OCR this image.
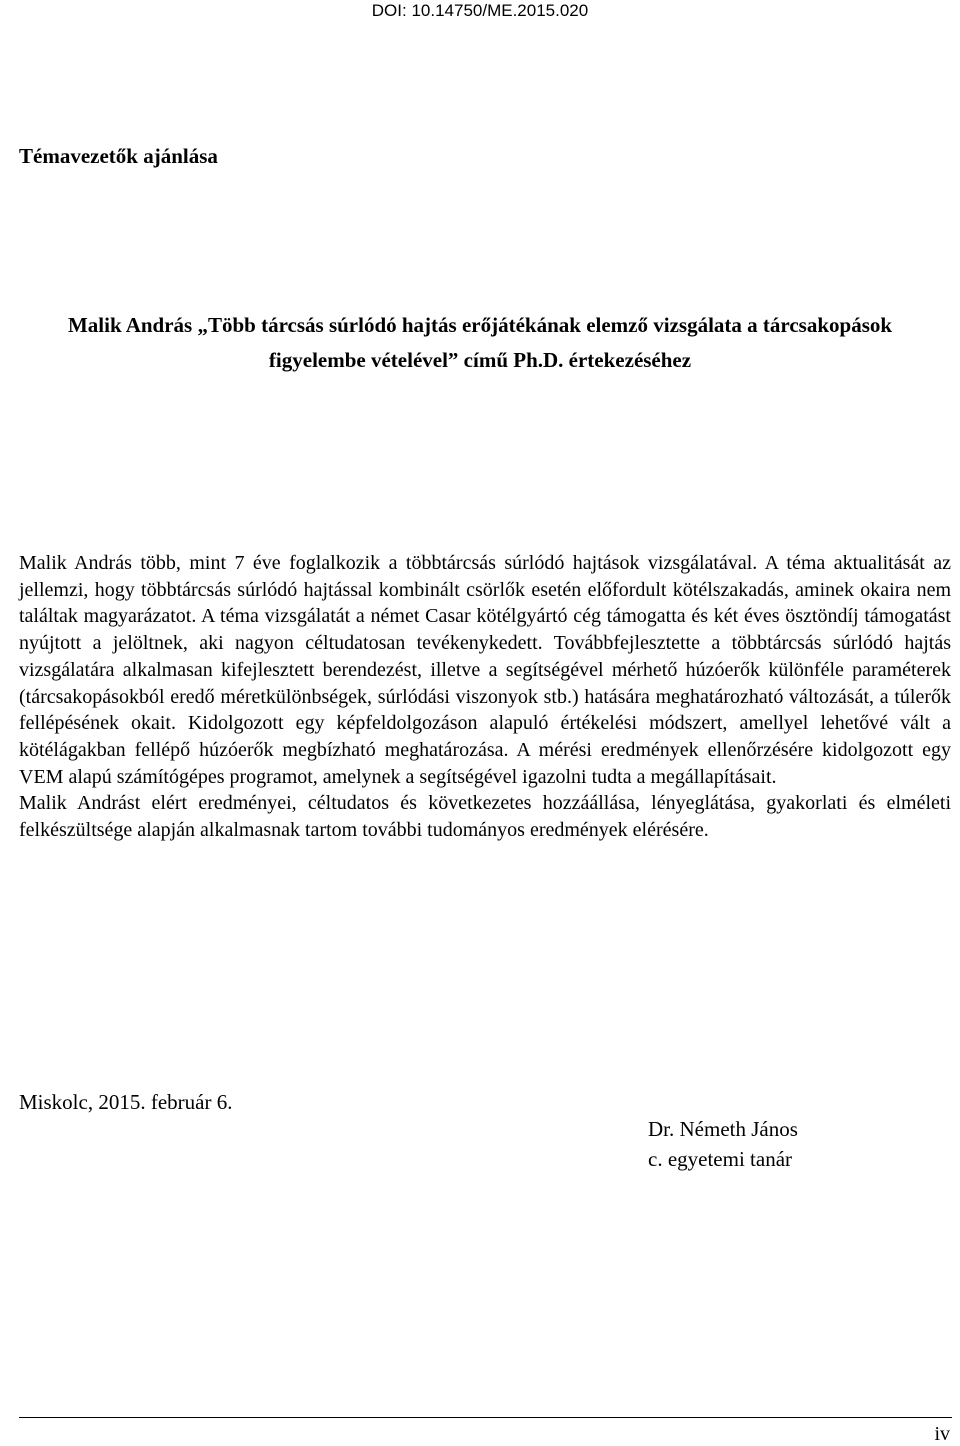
DOI: 10.14750/ME.2015.020
Témavezetők ajánlása
Malik András „Több tárcsás súrlódó hajtás erőjátékának elemző vizsgálata a tárcsakopások
figyelembe vételével” című Ph.D. értekezéséhez

Malik András több, mint 7 éve foglalkozik a többtárcsás súrlódó hajtások vizsgálatával. A téma aktualitását az jellemzi, hogy többtárcsás súrlódó hajtással kombinált csörlők esetén előfordult kötélszakadás, aminek okaira nem találtak magyarázatot. A téma vizsgálatát a német Casar kötélgyártó cég támogatta és két éves ösztöndíj támogatást nyújtott a jelöltnek, aki nagyon céltudatosan tevékenykedett. Továbbfejlesztette a többtárcsás súrlódó hajtás vizsgálatára alkalmasan kifejlesztett berendezést, illetve a segítségével mérhető húzóerők különféle paraméterek (tárcsakopásokból eredő méretkülönbségek, súrlódási viszonyok stb.) hatására meghatározható változását, a túlerők fellépésének okait. Kidolgozott egy képfeldolgozáson alapuló értékelési módszert, amellyel lehetővé vált a kötélágakban fellépő húzóerők megbízható meghatározása. A mérési eredmények ellenőrzésére kidolgozott egy VEM alapú számítógépes programot, amelynek a segítségével igazolni tudta a megállapításait.

Malik Andrást elért eredményei, céltudatos és következetes hozzáállása, lényeglátása, gyakorlati és elméleti felkészültsége alapján alkalmasnak tartom további tudományos eredmények elérésére.

Miskolc, 2015. február 6.
Dr. Németh János
c. egyetemi tanár
iv
